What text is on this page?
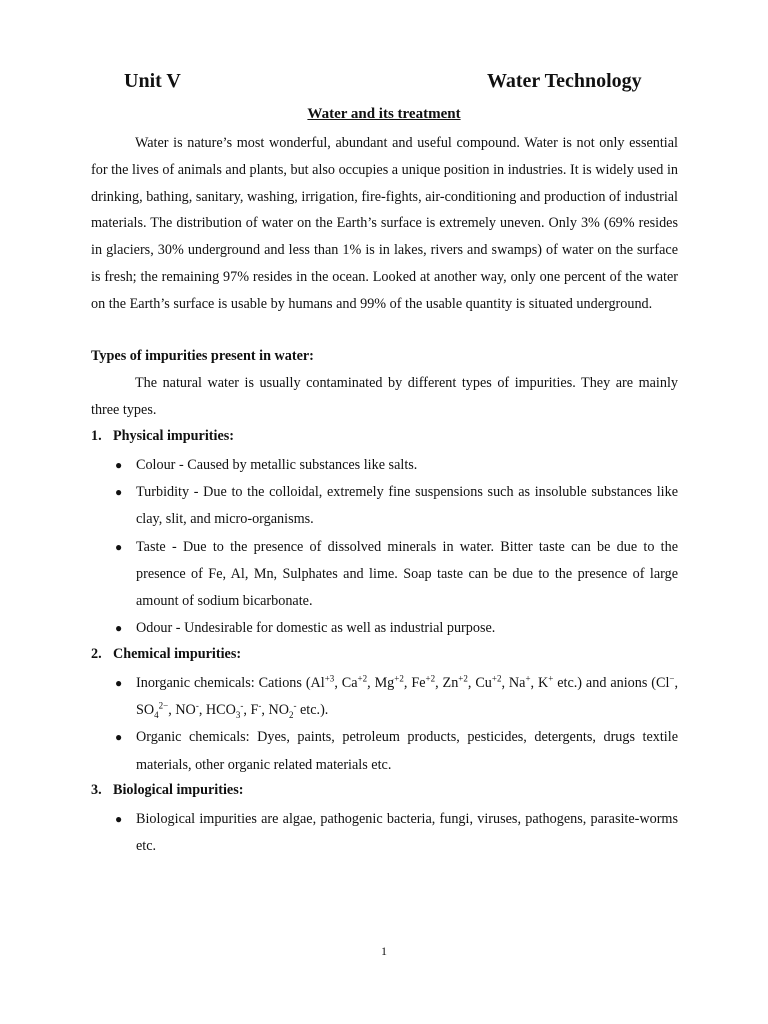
Unit V	Water Technology
Water and its treatment

Water is nature’s most wonderful, abundant and useful compound. Water is not only essential for the lives of animals and plants, but also occupies a unique position in industries. It is widely used in drinking, bathing, sanitary, washing, irrigation, fire-fights, air-conditioning and production of industrial materials. The distribution of water on the Earth’s surface is extremely uneven. Only 3% (69% resides in glaciers, 30% underground and less than 1% is in lakes, rivers and swamps) of water on the surface is fresh; the remaining 97% resides in the ocean. Looked at another way, only one percent of the water on the Earth’s surface is usable by humans and 99% of the usable quantity is situated underground.

Types of impurities present in water:

The natural water is usually contaminated by different types of impurities. They are mainly three types.

1. Physical impurities:
● Colour - Caused by metallic substances like salts.
● Turbidity - Due to the colloidal, extremely fine suspensions such as insoluble substances like clay, slit, and micro-organisms.
● Taste - Due to the presence of dissolved minerals in water. Bitter taste can be due to the presence of Fe, Al, Mn, Sulphates and lime. Soap taste can be due to the presence of large amount of sodium bicarbonate.
● Odour - Undesirable for domestic as well as industrial purpose.
2. Chemical impurities:
● Inorganic chemicals: Cations ($Al^{+3}$, $Ca^{+2}$, $Mg^{+2}$, $Fe^{+2}$, $Zn^{+2}$, $Cu^{+2}$, Na+, K+ etc.) and anions (Cl−, $SO_4^{2-}$, NO-, $HCO_3^-$, F-, $NO_2^-$ etc.).
● Organic chemicals: Dyes, paints, petroleum products, pesticides, detergents, drugs textile materials, other organic related materials etc.
3. Biological impurities:
● Biological impurities are algae, pathogenic bacteria, fungi, viruses, pathogens, parasite-worms etc.
1
